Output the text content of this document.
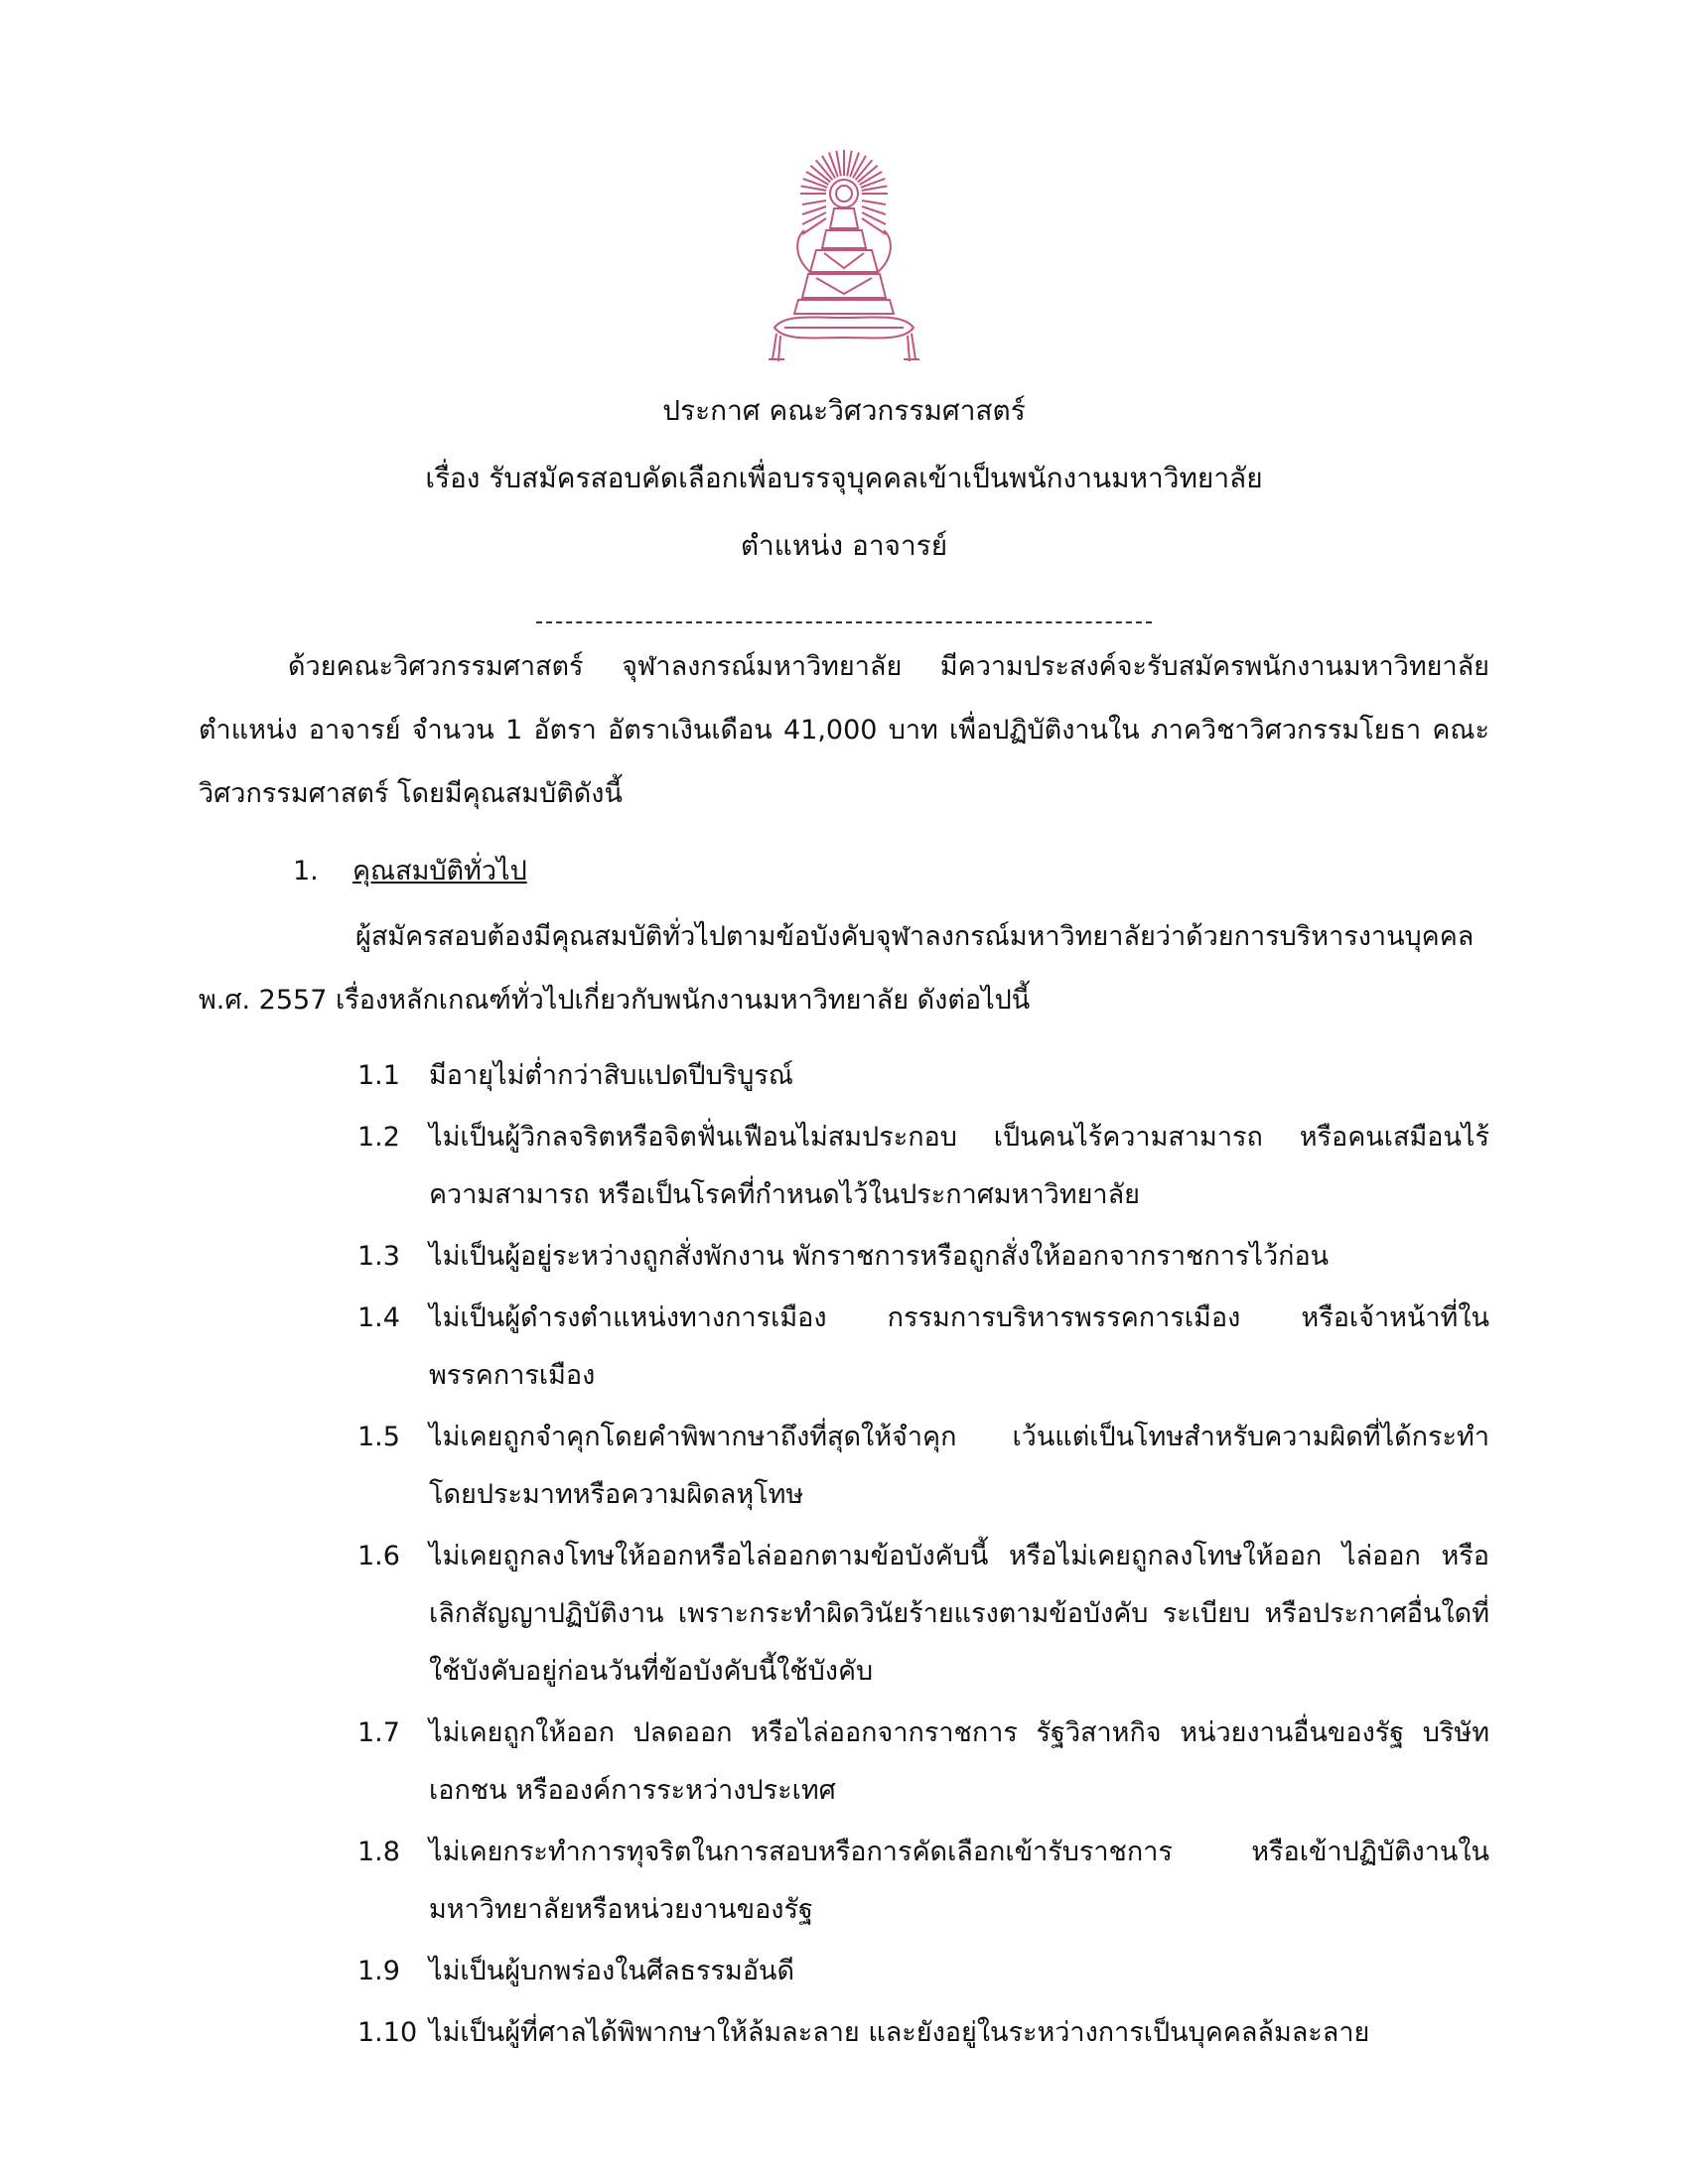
ประกาศ คณะวิศวกรรมศาสตร์
เรื่อง รับสมัครสอบคัดเลือกเพื่อบรรจุบุคคลเข้าเป็นพนักงานมหาวิทยาลัย
ตำแหน่ง อาจารย์
ด้วยคณะวิศวกรรมศาสตร์ จุฬาลงกรณ์มหาวิทยาลัย มีความประสงค์จะรับสมัครพนักงานมหาวิทยาลัย ตำแหน่ง อาจารย์ จำนวน 1 อัตรา อัตราเงินเดือน 41,000 บาท เพื่อปฏิบัติงานใน ภาควิชาวิศวกรรมโยธา คณะวิศวกรรมศาสตร์ โดยมีคุณสมบัติดังนี้
1. คุณสมบัติทั่วไป
ผู้สมัครสอบต้องมีคุณสมบัติทั่วไปตามข้อบังคับจุฬาลงกรณ์มหาวิทยาลัยว่าด้วยการบริหารงานบุคคล พ.ศ. 2557 เรื่องหลักเกณฑ์ทั่วไปเกี่ยวกับพนักงานมหาวิทยาลัย ดังต่อไปนี้
1.1	มีอายุไม่ต่ำกว่าสิบแปดปีบริบูรณ์
1.2	ไม่เป็นผู้วิกลจริตหรือจิตฟั่นเฟือนไม่สมประกอบ เป็นคนไร้ความสามารถ หรือคนเสมือนไร้ความสามารถ หรือเป็นโรคที่กำหนดไว้ในประกาศมหาวิทยาลัย
1.3	ไม่เป็นผู้อยู่ระหว่างถูกสั่งพักงาน พักราชการหรือถูกสั่งให้ออกจากราชการไว้ก่อน
1.4	ไม่เป็นผู้ดำรงตำแหน่งทางการเมือง กรรมการบริหารพรรคการเมือง หรือเจ้าหน้าที่ในพรรคการเมือง
1.5	ไม่เคยถูกจำคุกโดยคำพิพากษาถึงที่สุดให้จำคุก เว้นแต่เป็นโทษสำหรับความผิดที่ได้กระทำโดยประมาทหรือความผิดลหุโทษ
1.6	ไม่เคยถูกลงโทษให้ออกหรือไล่ออกตามข้อบังคับนี้ หรือไม่เคยถูกลงโทษให้ออก ไล่ออก หรือเลิกสัญญาปฏิบัติงาน เพราะกระทำผิดวินัยร้ายแรงตามข้อบังคับ ระเบียบ หรือประกาศอื่นใดที่ใช้บังคับอยู่ก่อนวันที่ข้อบังคับนี้ใช้บังคับ
1.7	ไม่เคยถูกให้ออก ปลดออก หรือไล่ออกจากราชการ รัฐวิสาหกิจ หน่วยงานอื่นของรัฐ บริษัทเอกชน หรือองค์การระหว่างประเทศ
1.8	ไม่เคยกระทำการทุจริตในการสอบหรือการคัดเลือกเข้ารับราชการ หรือเข้าปฏิบัติงานในมหาวิทยาลัยหรือหน่วยงานของรัฐ
1.9	ไม่เป็นผู้บกพร่องในศีลธรรมอันดี
1.10 ไม่เป็นผู้ที่ศาลได้พิพากษาให้ล้มละลาย และยังอยู่ในระหว่างการเป็นบุคคลล้มละลาย
